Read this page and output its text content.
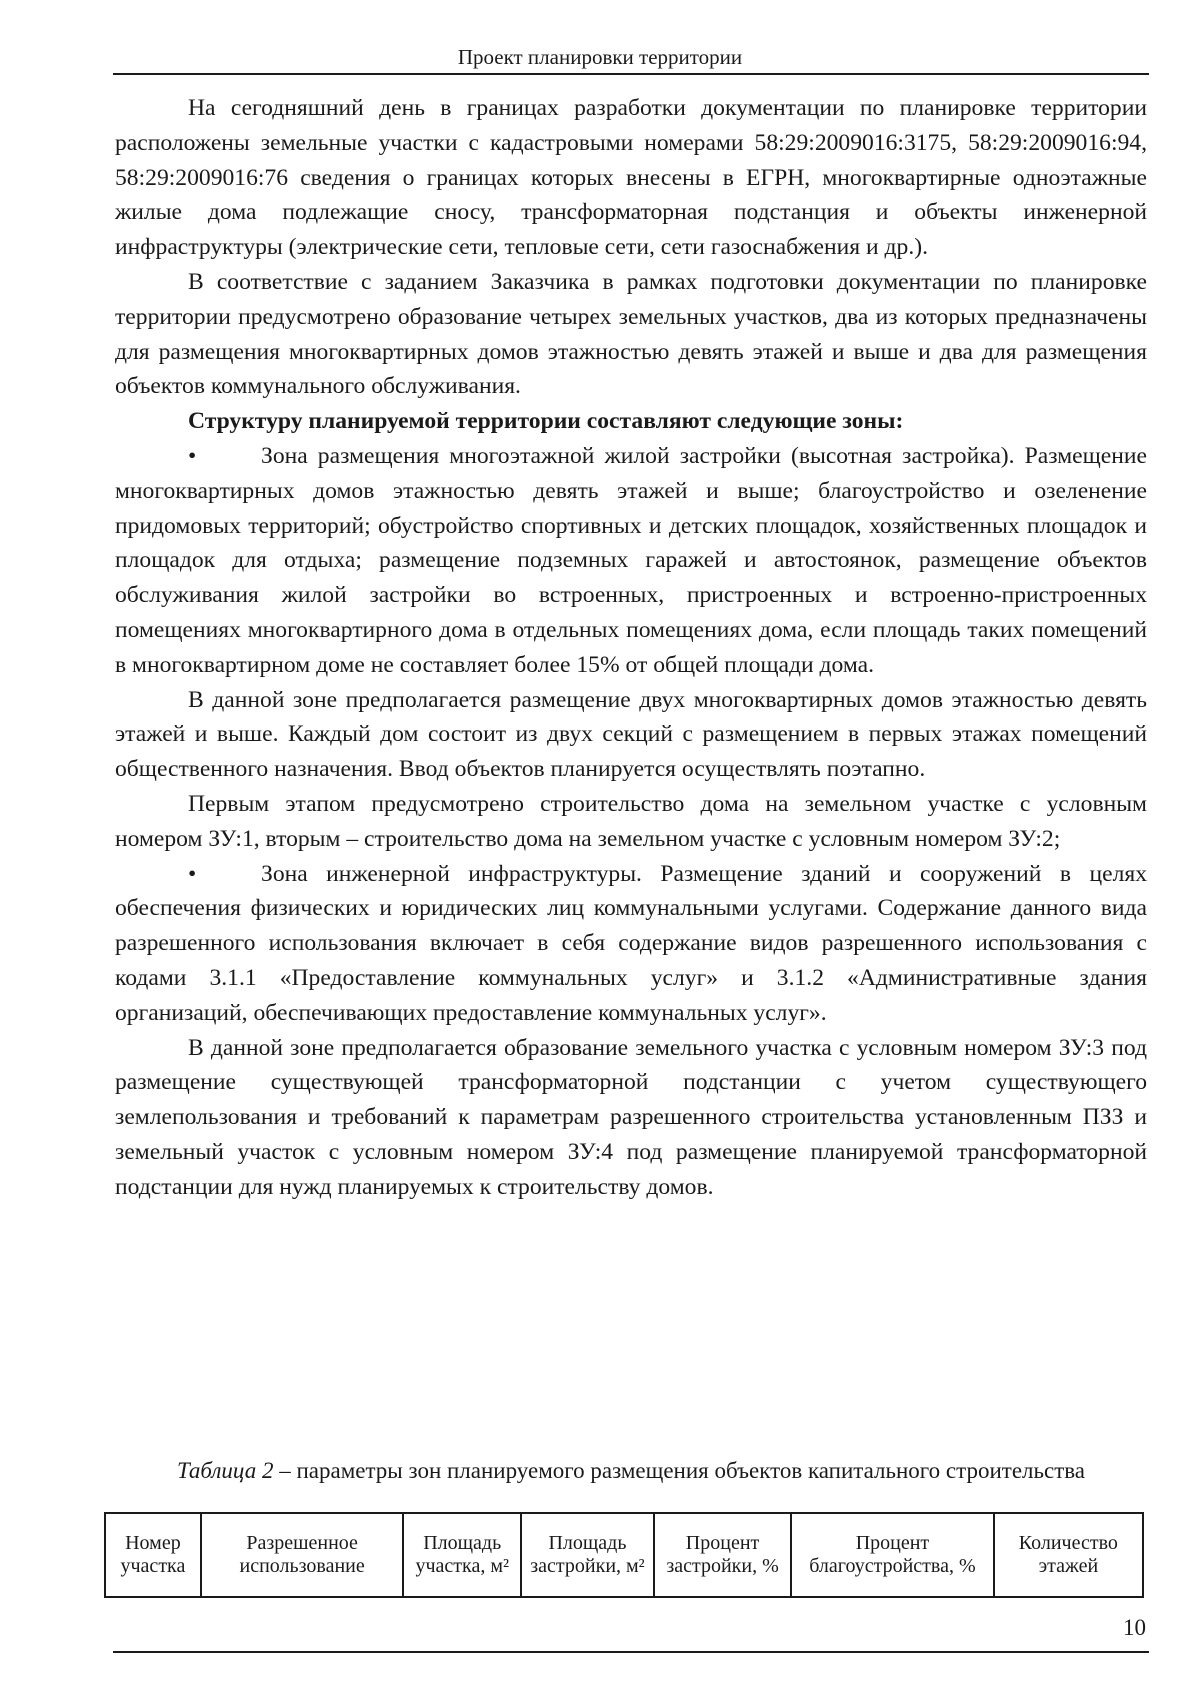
Проект планировки территории

На сегодняшний день в границах разработки документации по планировке территории расположены земельные участки с кадастровыми номерами 58:29:2009016:3175, 58:29:2009016:94, 58:29:2009016:76 сведения о границах которых внесены в ЕГРН, многоквартирные одноэтажные жилые дома подлежащие сносу, трансформаторная подстанция и объекты инженерной инфраструктуры (электрические сети, тепловые сети, сети газоснабжения и др.).

В соответствие с заданием Заказчика в рамках подготовки документации по планировке территории предусмотрено образование четырех земельных участков, два из которых предназначены для размещения многоквартирных домов этажностью девять этажей и выше и два для размещения объектов коммунального обслуживания.

Структуру планируемой территории составляют следующие зоны:

•	Зона размещения многоэтажной жилой застройки (высотная застройка). Размещение многоквартирных домов этажностью девять этажей и выше; благоустройство и озеленение придомовых территорий; обустройство спортивных и детских площадок, хозяйственных площадок и площадок для отдыха; размещение подземных гаражей и автостоянок, размещение объектов обслуживания жилой застройки во встроенных, пристроенных и встроенно-пристроенных помещениях многоквартирного дома в отдельных помещениях дома, если площадь таких помещений в многоквартирном доме не составляет более 15% от общей площади дома.

В данной зоне предполагается размещение двух многоквартирных домов этажностью девять этажей и выше. Каждый дом состоит из двух секций с размещением в первых этажах помещений общественного назначения. Ввод объектов планируется осуществлять поэтапно.

Первым этапом предусмотрено строительство дома на земельном участке с условным номером ЗУ:1, вторым – строительство дома на земельном участке с условным номером ЗУ:2;

•	Зона инженерной инфраструктуры. Размещение зданий и сооружений в целях обеспечения физических и юридических лиц коммунальными услугами. Содержание данного вида разрешенного использования включает в себя содержание видов разрешенного использования с кодами 3.1.1 «Предоставление коммунальных услуг» и 3.1.2 «Административные здания организаций, обеспечивающих предоставление коммунальных услуг».

В данной зоне предполагается образование земельного участка с условным номером ЗУ:3 под размещение существующей трансформаторной подстанции с учетом существующего землепользования и требований к параметрам разрешенного строительства установленным ПЗЗ и земельный участок с условным номером ЗУ:4 под размещение планируемой трансформаторной подстанции для нужд планируемых к строительству домов.

Таблица 2 – параметры зон планируемого размещения объектов капитального строительства
Номер участка	Разрешенное использование	Площадь участка, м²	Площадь застройки, м²	Процент застройки, %	Процент благоустройства, %	Количество этажей
10
